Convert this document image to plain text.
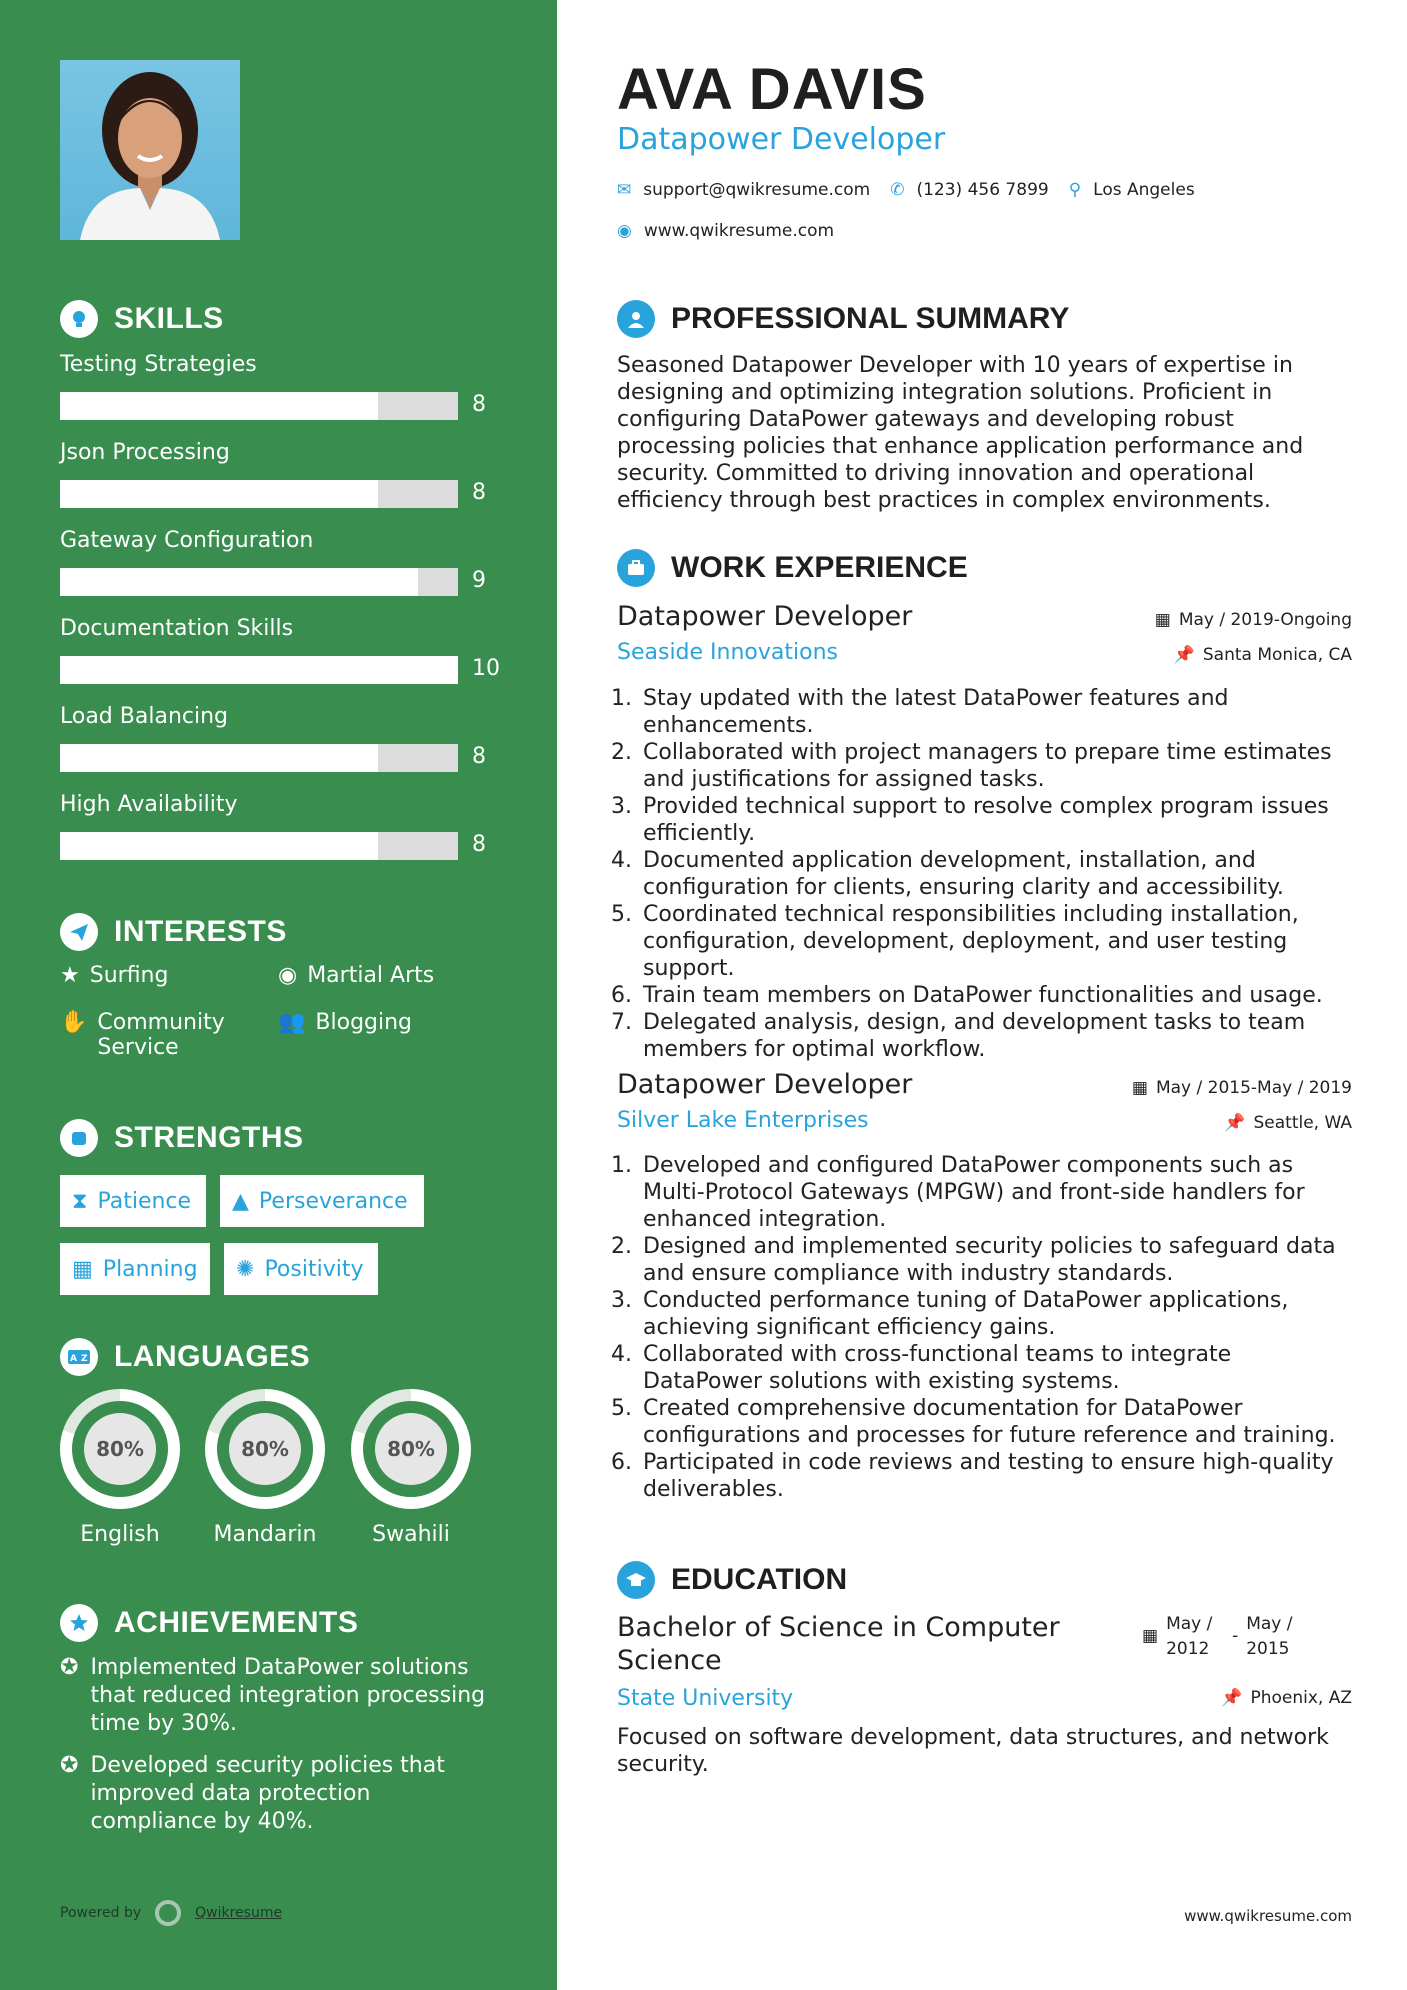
SKILLS
Testing Strategies
8
Json Processing
8
Gateway Configuration
9
Documentation Skills
10
Load Balancing
8
High Availability
8
INTERESTS
★ Surfing	◉ Martial Arts
✋ Community Service
👥 Blogging
STRENGTHS
⧗ Patience ▲ Perseverance
▦ Planning ✺ Positivity
A Z LANGUAGES
80%
English
80%
Mandarin
80%
Swahili
ACHIEVEMENTS
✪ Implemented DataPower solutions that reduced integration processing time by 30%.
✪ Developed security policies that improved data protection compliance by 40%.
Powered by	Qwikresume
AVA DAVIS
Datapower Developer
✉ support@qwikresume.com ✆ (123) 456 7899 ⚲ Los Angeles
◉ www.qwikresume.com
PROFESSIONAL SUMMARY
Seasoned Datapower Developer with 10 years of expertise in designing and optimizing integration solutions. Proficient in configuring DataPower gateways and developing robust processing policies that enhance application performance and security. Committed to driving innovation and operational efficiency through best practices in complex environments.
WORK EXPERIENCE
Datapower Developer	▦ May / 2019-Ongoing
Seaside Innovations	📌 Santa Monica, CA
1. Stay updated with the latest DataPower features and enhancements.
2. Collaborated with project managers to prepare time estimates and justifications for assigned tasks.
3. Provided technical support to resolve complex program issues efficiently.
4. Documented application development, installation, and configuration for clients, ensuring clarity and accessibility.
5. Coordinated technical responsibilities including installation, configuration, development, deployment, and user testing support.
6. Train team members on DataPower functionalities and usage.
7. Delegated analysis, design, and development tasks to team members for optimal workflow.
Datapower Developer	▦ May / 2015-May / 2019
Silver Lake Enterprises	📌 Seattle, WA
1. Developed and configured DataPower components such as Multi-Protocol Gateways (MPGW) and front-side handlers for enhanced integration.
2. Designed and implemented security policies to safeguard data and ensure compliance with industry standards.
3. Conducted performance tuning of DataPower applications, achieving significant efficiency gains.
4. Collaborated with cross-functional teams to integrate DataPower solutions with existing systems.
5. Created comprehensive documentation for DataPower configurations and processes for future reference and training.
6. Participated in code reviews and testing to ensure high-quality deliverables.
EDUCATION
Bachelor of Science in Computer Science
▦
May / 2012
-
May / 2015
State University	📌 Phoenix, AZ
Focused on software development, data structures, and network security.
www.qwikresume.com
